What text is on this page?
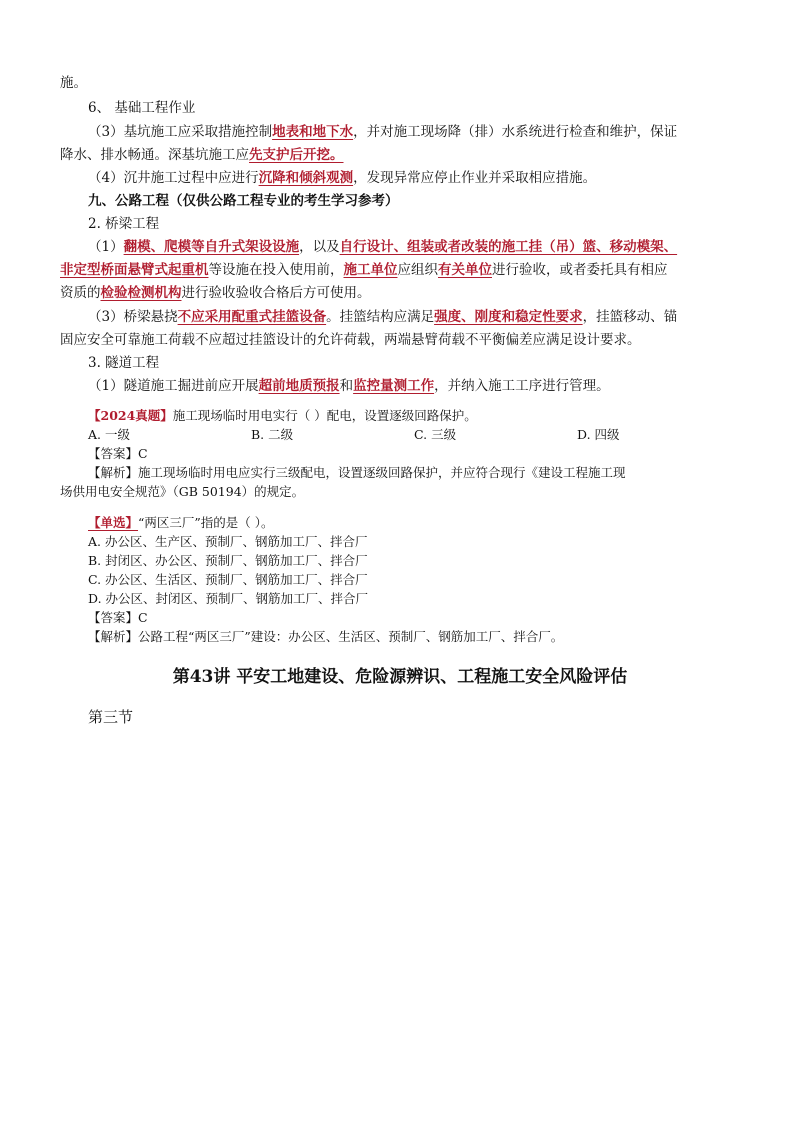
施。
6、 基础工程作业
（3）基坑施工应采取措施控制地表和地下水，并对施工现场降（排）水系统进行检查和维护，保证
降水、排水畅通。深基坑施工应先支护后开挖。
（4）沉井施工过程中应进行沉降和倾斜观测，发现异常应停止作业并采取相应措施。
九、公路工程（仅供公路工程专业的考生学习参考）
2. 桥梁工程
（1）翻模、爬模等自升式架设设施，以及自行设计、组装或者改装的施工挂（吊）篮、移动模架、
非定型桥面悬臂式起重机等设施在投入使用前，施工单位应组织有关单位进行验收，或者委托具有相应
资质的检验检测机构进行验收验收合格后方可使用。
（3）桥梁悬挠不应采用配重式挂篮设备。挂篮结构应满足强度、刚度和稳定性要求，挂篮移动、锚
固应安全可靠施工荷载不应超过挂篮设计的允许荷载，两端悬臂荷载不平衡偏差应满足设计要求。
3. 隧道工程
（1）隧道施工掘进前应开展超前地质预报和监控量测工作，并纳入施工工序进行管理。
【2024真题】施工现场临时用电实行（ ）配电，设置逐级回路保护。
A. 一级	B. 二级	C. 三级	D. 四级
【答案】C
【解析】施工现场临时用电应实行三级配电，设置逐级回路保护，并应符合现行《建设工程施工现
场供用电安全规范》（GB 50194）的规定。
【单选】“两区三厂”指的是（ ）。
A. 办公区、生产区、预制厂、钢筋加工厂、拌合厂
B. 封闭区、办公区、预制厂、钢筋加工厂、拌合厂
C. 办公区、生活区、预制厂、钢筋加工厂、拌合厂
D. 办公区、封闭区、预制厂、钢筋加工厂、拌合厂
【答案】C
【解析】公路工程“两区三厂”建设：办公区、生活区、预制厂、钢筋加工厂、拌合厂。
第43讲 平安工地建设、危险源辨识、工程施工安全风险评估
第三节
